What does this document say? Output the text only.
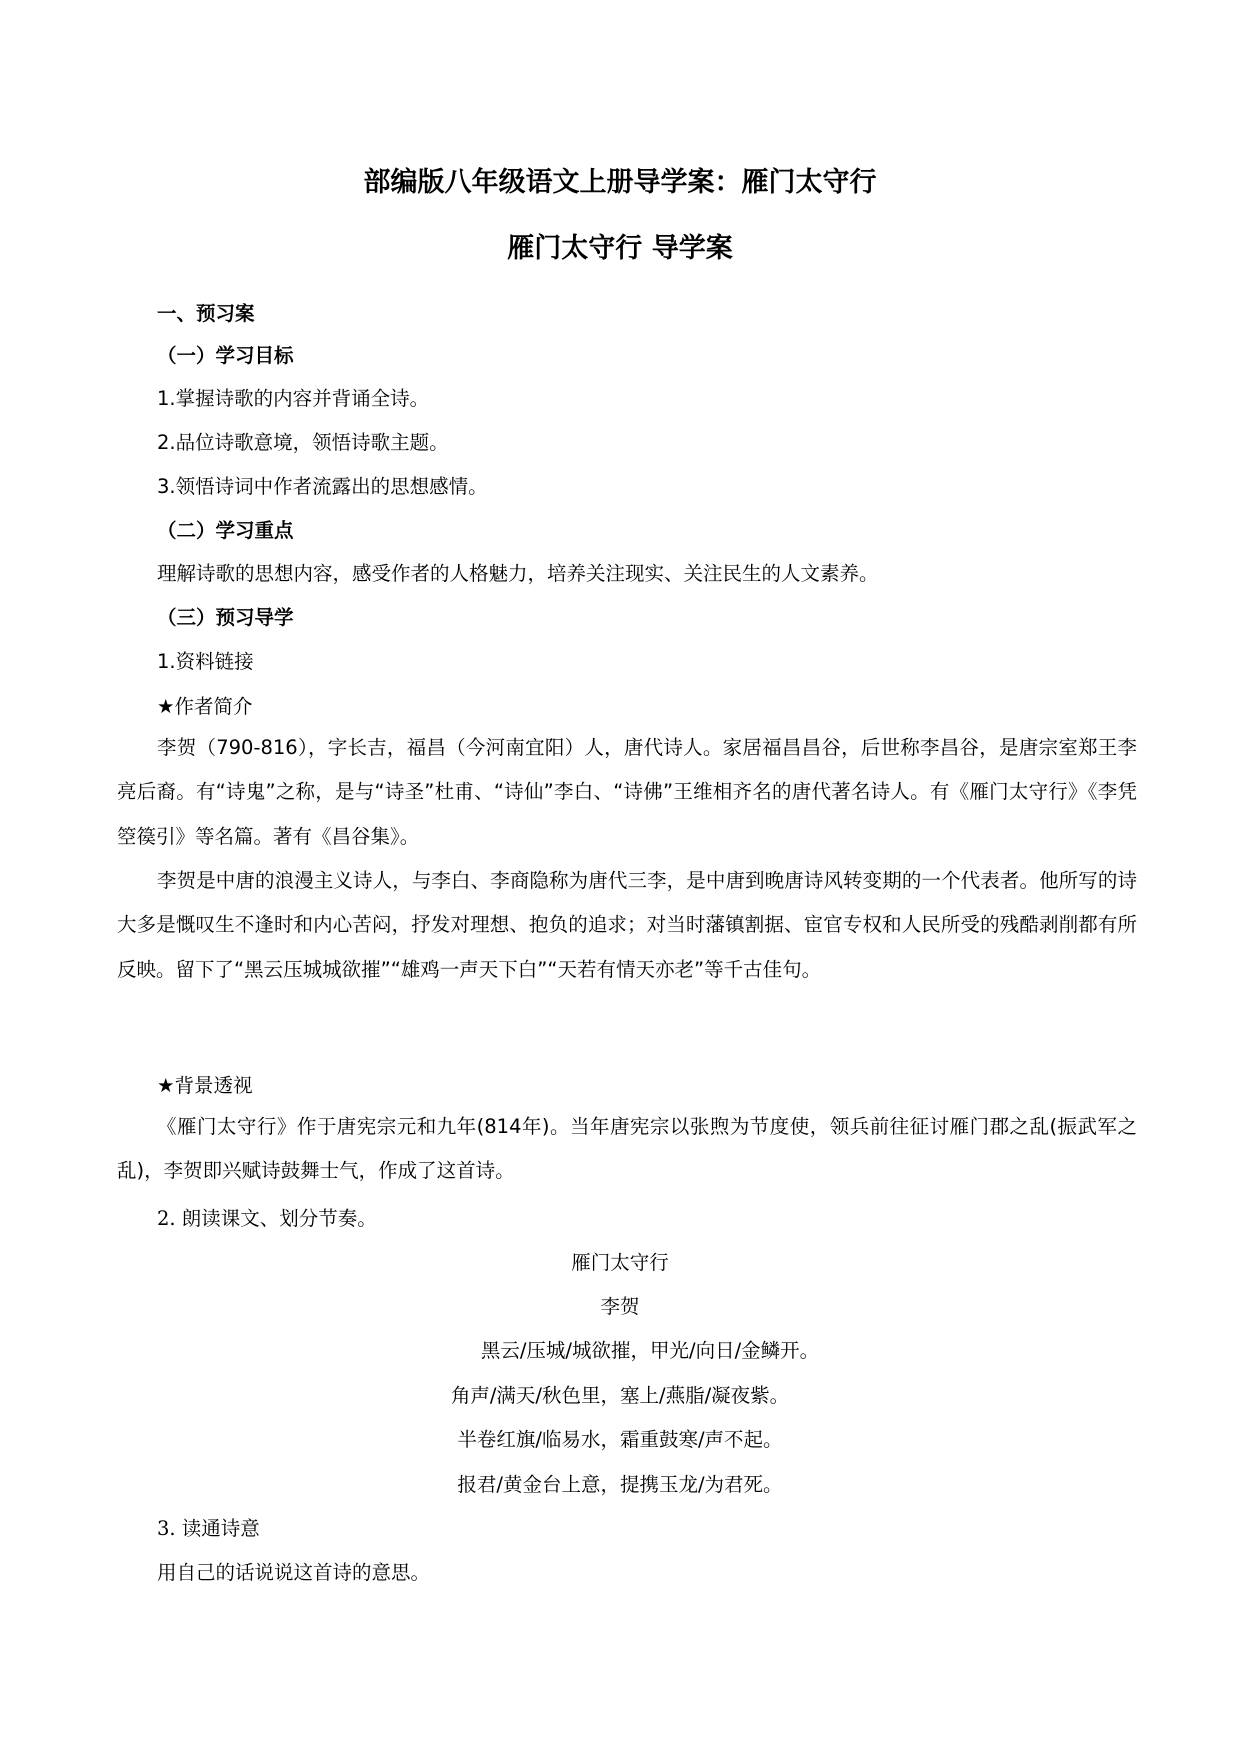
部编版八年级语文上册导学案：雁门太守行
雁门太守行 导学案
一、预习案
（一）学习目标
1.掌握诗歌的内容并背诵全诗。
2.品位诗歌意境，领悟诗歌主题。
3.领悟诗词中作者流露出的思想感情。
（二）学习重点
理解诗歌的思想内容，感受作者的人格魅力，培养关注现实、关注民生的人文素养。
（三）预习导学
1.资料链接
★作者简介
李贺（790-816），字长吉，福昌（今河南宜阳）人，唐代诗人。家居福昌昌谷，后世称李昌谷，是唐宗室郑王李亮后裔。有“诗鬼”之称，是与“诗圣”杜甫、“诗仙”李白、“诗佛”王维相齐名的唐代著名诗人。有《雁门太守行》《李凭箜篌引》等名篇。著有《昌谷集》。
李贺是中唐的浪漫主义诗人，与李白、李商隐称为唐代三李，是中唐到晚唐诗风转变期的一个代表者。他所写的诗大多是慨叹生不逢时和内心苦闷，抒发对理想、抱负的追求；对当时藩镇割据、宦官专权和人民所受的残酷剥削都有所反映。留下了“黑云压城城欲摧”“雄鸡一声天下白”“天若有情天亦老”等千古佳句。
★背景透视
《雁门太守行》作于唐宪宗元和九年(814年)。当年唐宪宗以张煦为节度使，领兵前往征讨雁门郡之乱(振武军之乱)，李贺即兴赋诗鼓舞士气，作成了这首诗。
2. 朗读课文、划分节奏。
雁门太守行
李贺
黑云/压城/城欲摧，甲光/向日/金鳞开。
角声/满天/秋色里，塞上/燕脂/凝夜紫。
半卷红旗/临易水，霜重鼓寒/声不起。
报君/黄金台上意，提携玉龙/为君死。
3. 读通诗意
用自己的话说说这首诗的意思。
